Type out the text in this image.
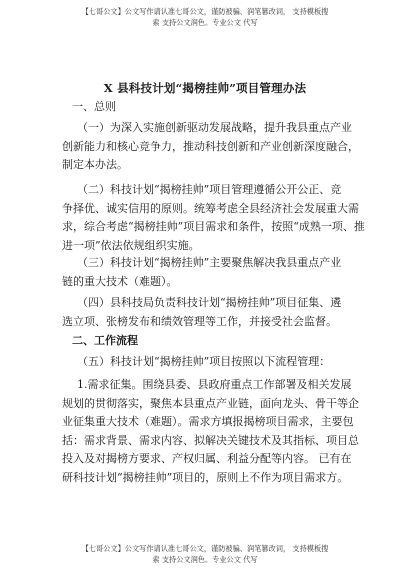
【七哥公文】公文写作请认准七哥公文，谨防被骗、润笔篡改词， 支持模板搜
索 支持公文润色。专业公文 代写
X 县科技计划“揭榜挂帅”项目管理办法
一、总则
（一）为深入实施创新驱动发展战略，提升我县重点产业
创新能力和核心竞争力，推动科技创新和产业创新深度融合，
制定本办法。
（二）科技计划“揭榜挂帅”项目管理遵循公开公正、竞
争择优、诚实信用的原则。统筹考虑全县经济社会发展重大需
求，综合考虑“揭榜挂帅”项目需求和条件，按照“成熟一项、推
进一项”依法依规组织实施。
（三）科技计划“揭榜挂帅”主要聚焦解决我县重点产业
链的重大技术（难题）。
（四）县科技局负责科技计划“揭榜挂帅”项目征集、遴
选立项、张榜发布和绩效管理等工作，并接受社会监督。
二、工作流程
（五）科技计划“揭榜挂帅”项目按照以下流程管理：
1.需求征集。围绕县委、县政府重点工作部署及相关发展
规划的贯彻落实，聚焦本县重点产业链，面向龙头、骨干等企
业征集重大技术（难题）。需求方填报揭榜项目需求，主要包
括：需求背景、需求内容、拟解决关键技术及其指标、项目总
投入及对揭榜方要求、产权归属、利益分配等内容。 已有在
研科技计划“揭榜挂帅”项目的，原则上不作为项目需求方。
【七哥公文】公文写作请认准七哥公文，谨防被骗、润笔篡改词， 支持模板搜
索 支持公文润色。专业公文 代写
